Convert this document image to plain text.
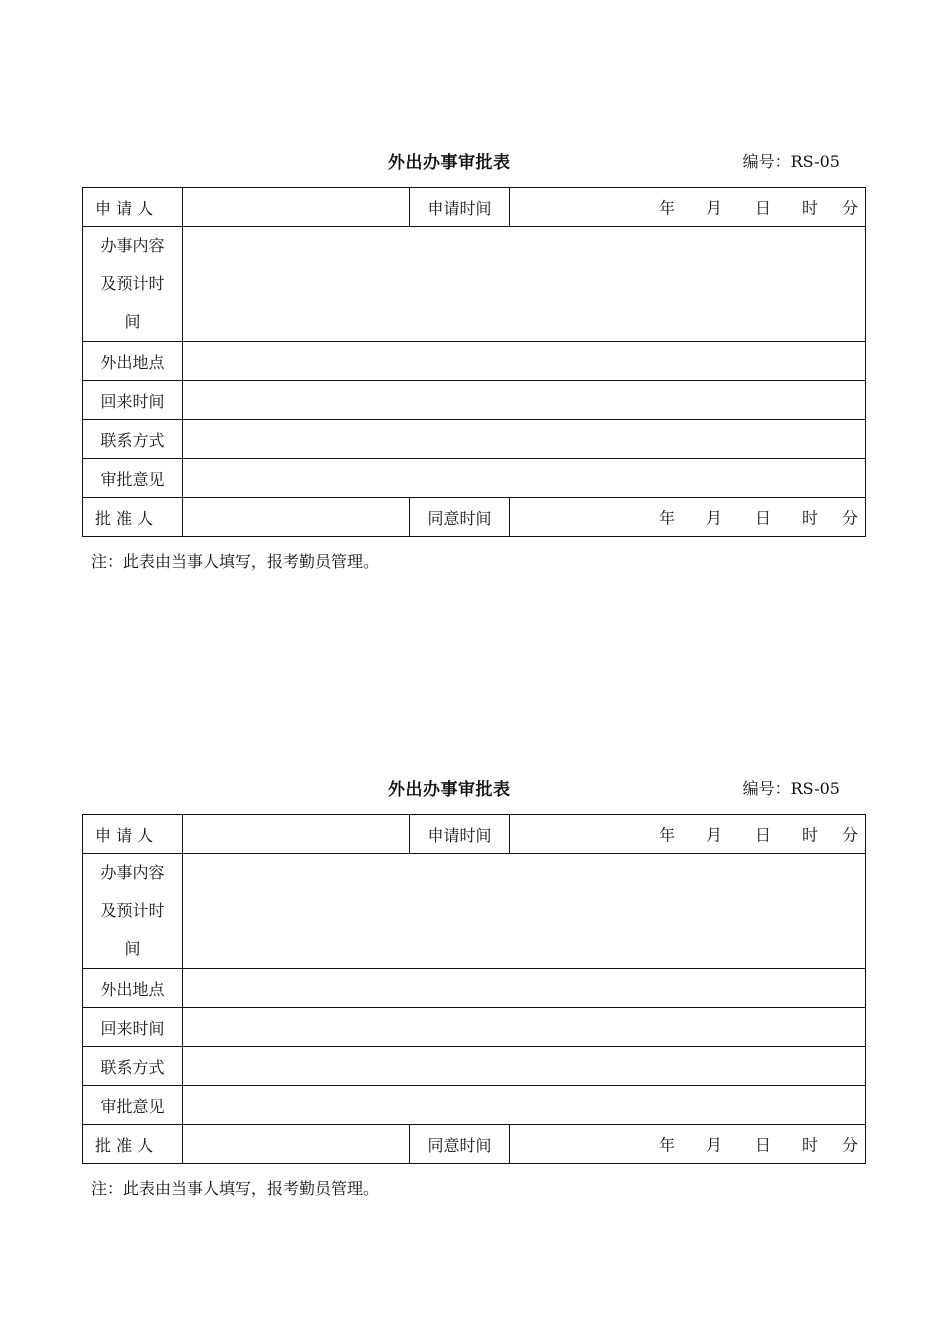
外出办事审批表	编号：RS-05
申 请 人		申请时间	年 月 日 时 分

办事内容
及预计时
间			

外出地点			
回来时间			
联系方式			
审批意见			
批 准 人		同意时间	年 月 日 时 分
注：此表由当事人填写，报考勤员管理。
外出办事审批表	编号：RS-05
申 请 人		申请时间	年 月 日 时 分

办事内容
及预计时
间			

外出地点			
回来时间			
联系方式			
审批意见			
批 准 人		同意时间	年 月 日 时 分
注：此表由当事人填写，报考勤员管理。
